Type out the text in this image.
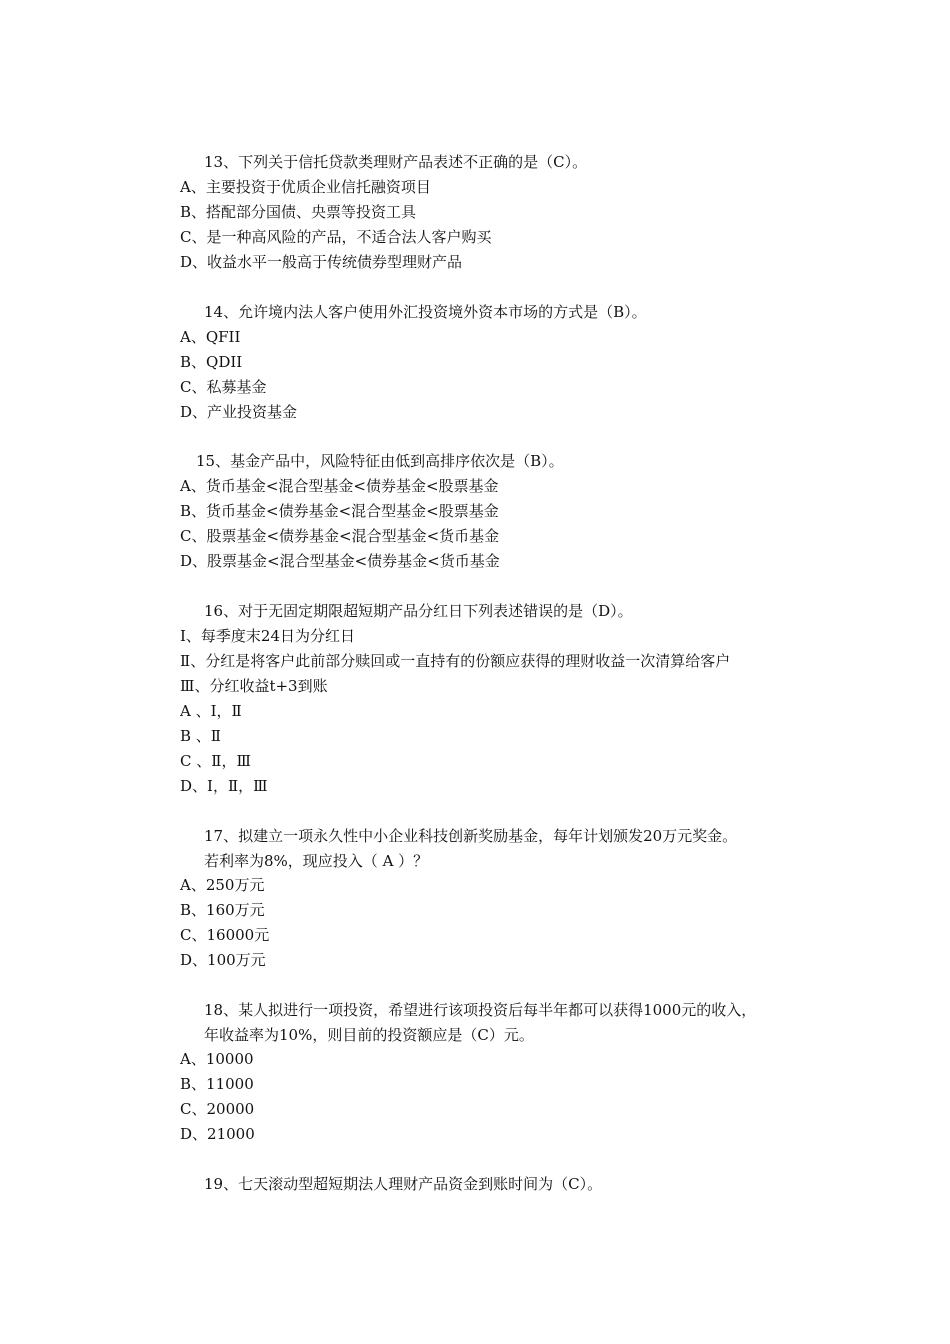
13、下列关于信托贷款类理财产品表述不正确的是（C）。
A、主要投资于优质企业信托融资项目
B、搭配部分国债、央票等投资工具
C、是一种高风险的产品，不适合法人客户购买
D、收益水平一般高于传统债券型理财产品
14、允许境内法人客户使用外汇投资境外资本市场的方式是（B）。
A、QFII
B、QDII
C、私募基金
D、产业投资基金
15、基金产品中，风险特征由低到高排序依次是（B）。
A、货币基金<混合型基金<债券基金<股票基金
B、货币基金<债券基金<混合型基金<股票基金
C、股票基金<债券基金<混合型基金<货币基金
D、股票基金<混合型基金<债券基金<货币基金
16、对于无固定期限超短期产品分红日下列表述错误的是（D）。
Ⅰ、每季度末24日为分红日
Ⅱ、分红是将客户此前部分赎回或一直持有的份额应获得的理财收益一次清算给客户
Ⅲ、分红收益t+3到账
A 、Ⅰ，Ⅱ
B 、Ⅱ
C 、Ⅱ，Ⅲ
D、Ⅰ，Ⅱ，Ⅲ
17、拟建立一项永久性中小企业科技创新奖励基金，每年计划颁发20万元奖金。
若利率为8%，现应投入（ A ）？
A、250万元
B、160万元
C、16000元
D、100万元
18、某人拟进行一项投资，希望进行该项投资后每半年都可以获得1000元的收入，
年收益率为10%，则目前的投资额应是（C）元。
A、10000
B、11000
C、20000
D、21000
19、七天滚动型超短期法人理财产品资金到账时间为（C）。
